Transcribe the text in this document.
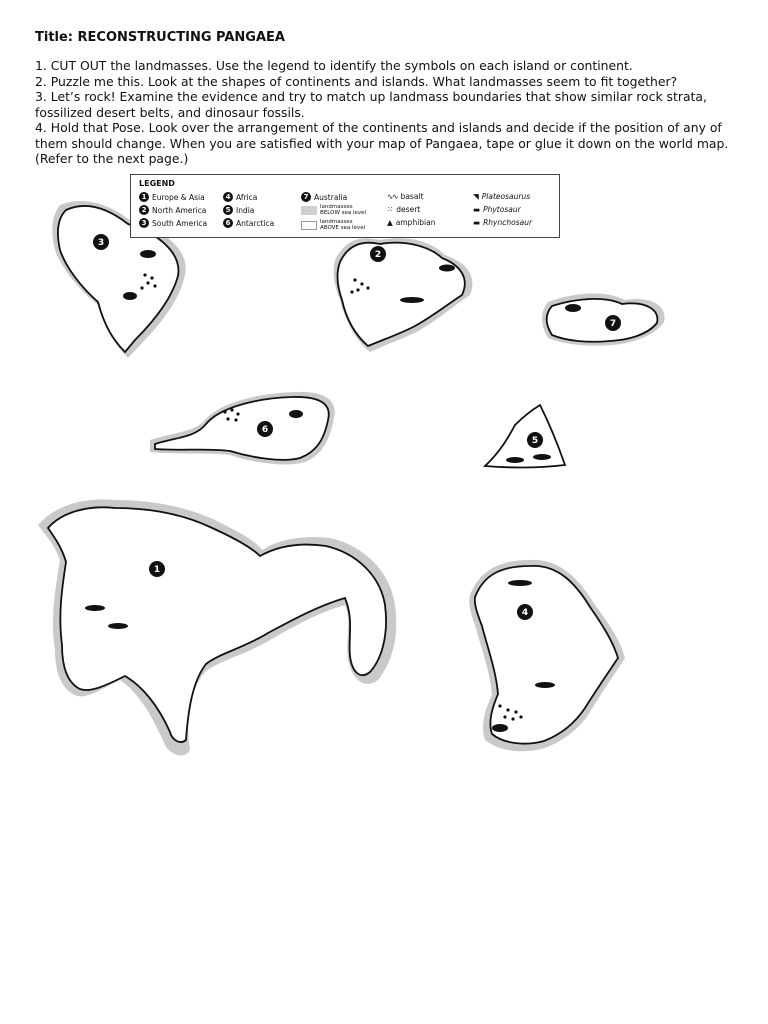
Title: RECONSTRUCTING PANGAEA

1. CUT OUT the landmasses. Use the legend to identify the symbols on each island or continent.

2. Puzzle me this. Look at the shapes of continents and islands. What landmasses seem to fit together?

3. Let’s rock! Examine the evidence and try to match up landmass boundaries that show similar rock strata, fossilized desert belts, and dinosaur fossils.

4. Hold that Pose. Look over the arrangement of the continents and islands and decide if the position of any of them should change. When you are satisfied with your map of Pangaea, tape or glue it down on the world map. (Refer to the next page.)

3
2
7
6
5
1
4
LEGEND
1 Europe & Asia
2 North America
3 South America
4 Africa
5 India
6 Antarctica
7 Australia
landmasses
BELOW sea level
landmasses
ABOVE sea level
∿∿ basalt
⁙ desert
▲ amphibian
◥ Plateosaurus
▬ Phytosaur
▬ Rhynchosaur
